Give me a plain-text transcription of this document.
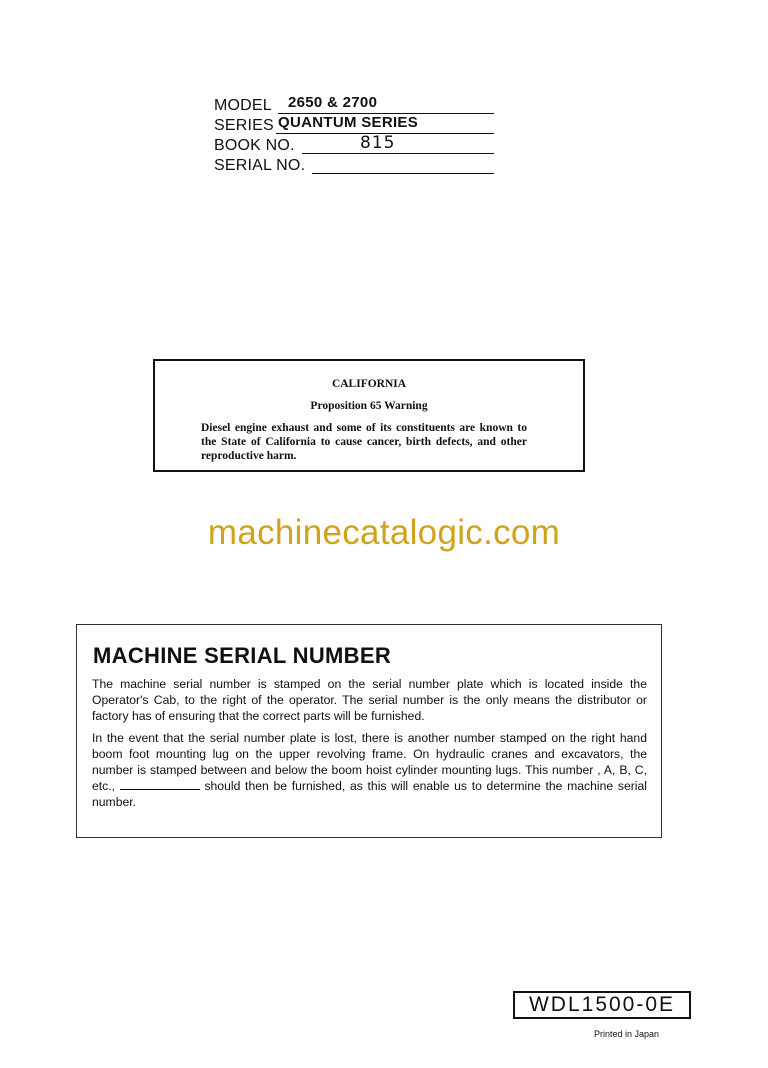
MODEL 2650 & 2700
SERIES QUANTUM SERIES
BOOK NO.	815
SERIAL NO.
CALIFORNIA
Proposition 65 Warning
Diesel engine exhaust and some of its constituents are known to the State of California to cause cancer, birth defects, and other reproductive harm.
machinecatalogic.com
MACHINE SERIAL NUMBER
The machine serial number is stamped on the serial number plate which is located inside the Operator's Cab, to the right of the operator. The serial number is the only means the distributor or factory has of ensuring that the correct parts will be furnished.
In the event that the serial number plate is lost, there is another number stamped on the right hand boom foot mounting lug on the upper revolving frame. On hydraulic cranes and excavators, the number is stamped between and below the boom hoist cylinder mounting lugs. This number , A, B, C, etc.,	should then be furnished, as this will enable us to determine the machine serial number.
WDL1500-0E
Printed in Japan
